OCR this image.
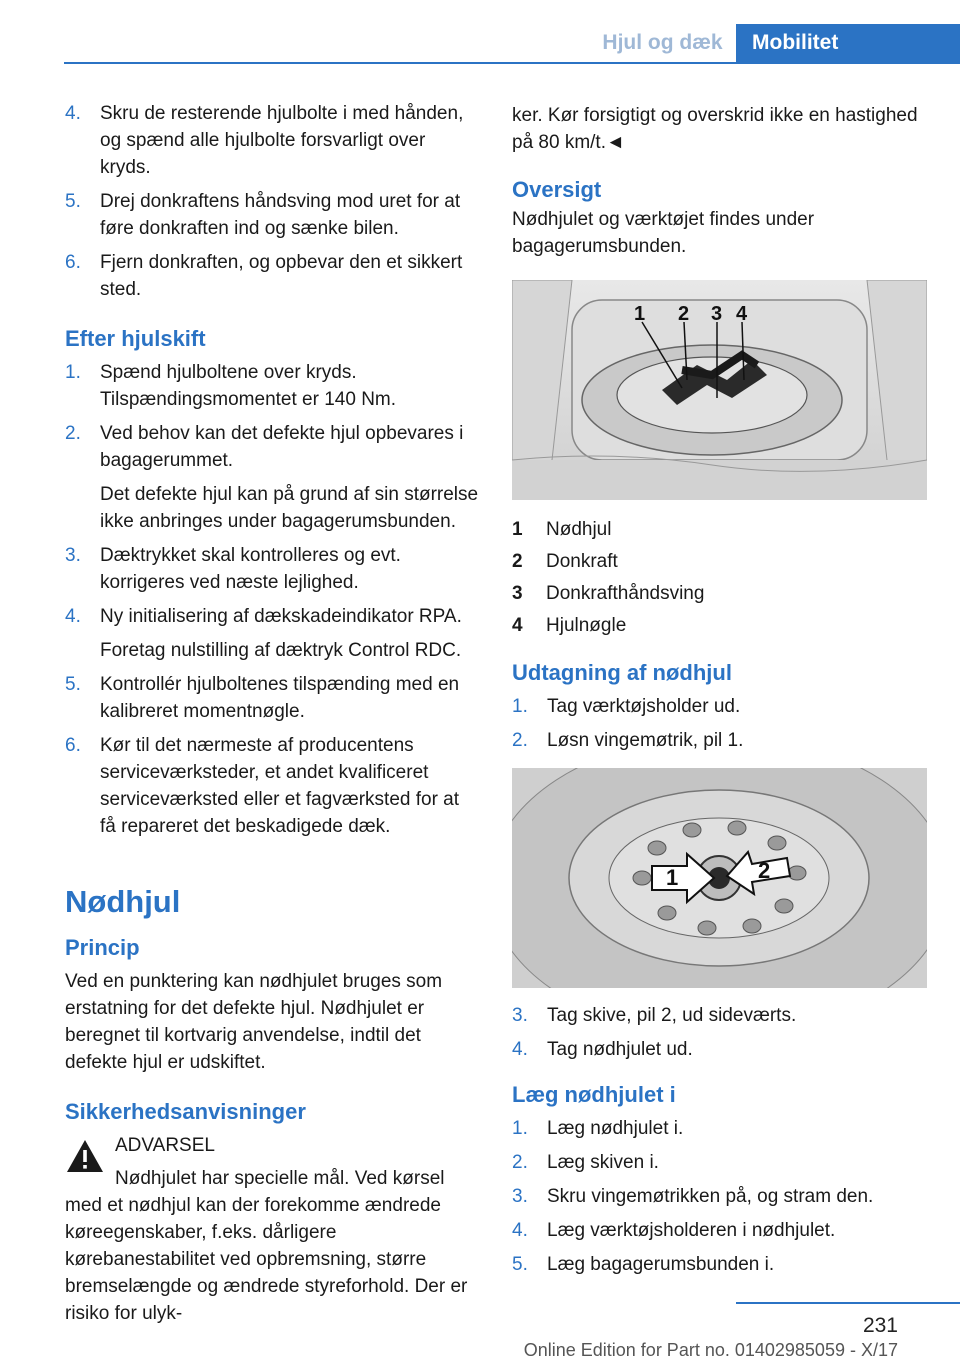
Hjul og dæk	Mobilitet
4. Skru de resterende hjulbolte i med hånden, og spænd alle hjulbolte forsvarligt over kryds.
5. Drej donkraftens håndsving mod uret for at føre donkraften ind og sænke bilen.
6. Fjern donkraften, og opbevar den et sikkert sted.
Efter hjulskift
1. Spænd hjulboltene over kryds. Tilspændingsmomentet er 140 Nm.
2. Ved behov kan det defekte hjul opbevares i bagagerummet.
Det defekte hjul kan på grund af sin størrelse ikke anbringes under bagagerumsbunden.
3. Dæktrykket skal kontrolleres og evt. korrigeres ved næste lejlighed.
4. Ny initialisering af dækskadeindikator RPA.
Foretag nulstilling af dæktryk Control RDC.
5. Kontrollér hjulboltenes tilspænding med en kalibreret momentnøgle.
6. Kør til det nærmeste af producentens serviceværksteder, et andet kvalificeret serviceværksted eller et fagværksted for at få repareret det beskadigede dæk.
Nødhjul
Princip

Ved en punktering kan nødhjulet bruges som erstatning for det defekte hjul. Nødhjulet er beregnet til kortvarig anvendelse, indtil det defekte hjul er udskiftet.

Sikkerhedsanvisninger
ADVARSEL
Nødhjulet har specielle mål. Ved kørsel med et nødhjul kan der forekomme ændrede køreegenskaber, f.eks. dårligere kørebanestabilitet ved opbremsning, større bremselængde og ændrede styreforhold. Der er risiko for ulyk-

ker. Kør forsigtigt og overskrid ikke en hastighed på 80 km/t.◄

Oversigt

Nødhjulet og værktøjet findes under bagagerumsbunden.

1 2 3 4
1	Nødhjul
2	Donkraft
3	Donkrafthåndsving
4	Hjulnøgle
Udtagning af nødhjul
1. Tag værktøjsholder ud.
2. Løsn vingemøtrik, pil 1.
1	2
3. Tag skive, pil 2, ud sideværts.
4. Tag nødhjulet ud.
Læg nødhjulet i
1. Læg nødhjulet i.
2. Læg skiven i.
3. Skru vingemøtrikken på, og stram den.
4. Læg værktøjsholderen i nødhjulet.
5. Læg bagagerumsbunden i.
231
Online Edition for Part no. 01402985059 - X/17
